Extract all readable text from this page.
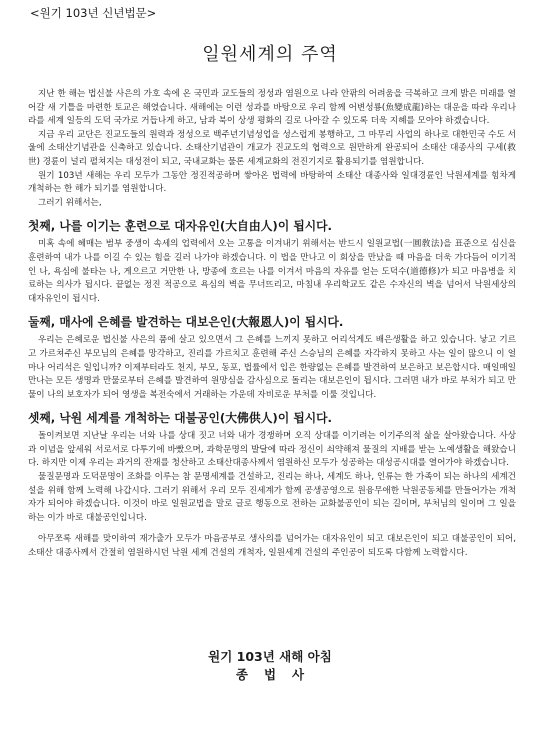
<원기 103년 신년법문>
일원세계의 주역

지난 한 해는 법신불 사은의 가호 속에 온 국민과 교도들의 정성과 염원으로 나라 안팎의 어려움을 극복하고 크게 밝은 미래를 열어갈 새 기틀을 마련한 토교은 해였습니다. 새해에는 이런 성과를 바탕으로 우리 함께 어변성룡(魚變成龍)하는 대운을 따라 우리나라를 세계 일등의 도덕 국가로 거듭나게 하고, 남과 북이 상생 평화의 길로 나아갈 수 있도록 더욱 지혜를 모아야 하겠습니다.

지금 우리 교단은 진교도들의 원력과 정성으로 백주년기념성업을 성스럽게 봉행하고, 그 마무리 사업의 하나로 대한민국 수도 서울에 소태산기념관을 신축하고 있습니다. 소태산기념관이 개교가 진교도의 협력으로 원만하게 완공되어 소태산 대종사의 구세(救世) 경륜이 널리 펼쳐지는 대성전이 되고, 국내교화는 물론 세계교화의 전진기지로 활용되기를 염원합니다.

원기 103년 새해는 우리 모두가 그동안 정진적공하며 쌓아온 법력에 바탕하여 소태산 대종사와 일대경륜인 낙원세계를 힘차게 개척하는 한 해가 되기를 염원합니다.

그러기 위해서는,

첫째, 나를 이기는 훈련으로 대자유인(大自由人)이 됩시다.

미혹 속에 헤매는 범부 중생이 속세의 업력에서 오는 고통을 이겨내기 위해서는 반드시 일원교법(一圓敎法)을 표준으로 심신을 훈련하여 내가 나를 이길 수 있는 힘을 길러 나가야 하겠습니다. 이 법을 만나고 이 회상을 만났을 때 마음을 더욱 가다듬어 이기적인 나, 욕심에 불타는 나, 게으르고 거만한 나, 방종에 흐르는 나를 이겨서 마음의 자유를 얻는 도덕수(道德修)가 되고 마음병을 치료하는 의사가 됩시다. 끝없는 정진 적공으로 욕심의 벽을 무너뜨리고, 마침내 우리학교도 같은 수자신의 벽을 넘어서 낙원세상의 대자유인이 됩시다.

둘째, 매사에 은혜를 발견하는 대보은인(大報恩人)이 됩시다.

우리는 은혜로운 법신불 사은의 품에 살고 있으면서 그 은혜를 느끼지 못하고 어리석게도 배은생활을 하고 있습니다. 낳고 기르고 가르쳐주신 부모님의 은혜를 망각하고, 진리를 가르치고 훈련해 주신 스승님의 은혜를 자각하지 못하고 사는 일이 많으니 이 얼마나 어리석은 일입니까? 이제부터라도 천지, 부모, 동포, 법률에서 입은 한량없는 은혜를 발견하여 보은하고 보은합시다. 매일매일 만나는 모든 생명과 만물로부터 은혜를 발견하여 원망심을 감사심으로 돌리는 대보은인이 됩시다. 그러면 내가 바로 부처가 되고 만물이 나의 보호자가 되어 영생을 복전숙에서 거래하는 가운데 자비로운 부처를 이룰 것입니다.

셋째, 낙원 세계를 개척하는 대불공인(大佛供人)이 됩시다.

돌이켜보면 지난날 우리는 너와 나를 상대 짓고 너와 내가 경쟁하며 오직 상대를 이기려는 이기주의적 삶을 살아왔습니다. 사상과 이념을 앞세워 서로서로 다투기에 바빴으며, 과학문명의 발달에 따라 정신이 쇠약해져 물질의 지배를 받는 노예생활을 해왔습니다. 하지만 이제 우리는 과거의 잔재를 청산하고 소태산대종사께서 염원하신 모두가 성공하는 대성공시대를 열어가야 하겠습니다.

물질문명과 도덕문명이 조화를 이루는 참 문명세계를 건설하고, 진리는 하나, 세계도 하나, 인류는 한 가족이 되는 하나의 세계건설을 위해 함께 노력해 나갑시다. 그러기 위해서 우리 모두 진세계가 함께 공생공영으로 원융무애한 낙원공동체를 만들어가는 개척자가 되어야 하겠습니다. 이것이 바로 일원교법을 말로 글로 행동으로 전하는 교화불공인이 되는 길이며, 부처님의 일이며 그 일을 하는 이가 바로 대불공인입니다.

아무쪼록 새해를 맞이하여 재가출가 모두가 마음공부로 생사의를 넘어가는 대자유인이 되고 대보은인이 되고 대불공인이 되어, 소태산 대종사께서 간절히 염원하시던 낙원 세계 건설의 개척자, 일원세계 건설의 주인공이 되도록 다함께 노력합시다.

원기 103년 새해 아침
종법사
